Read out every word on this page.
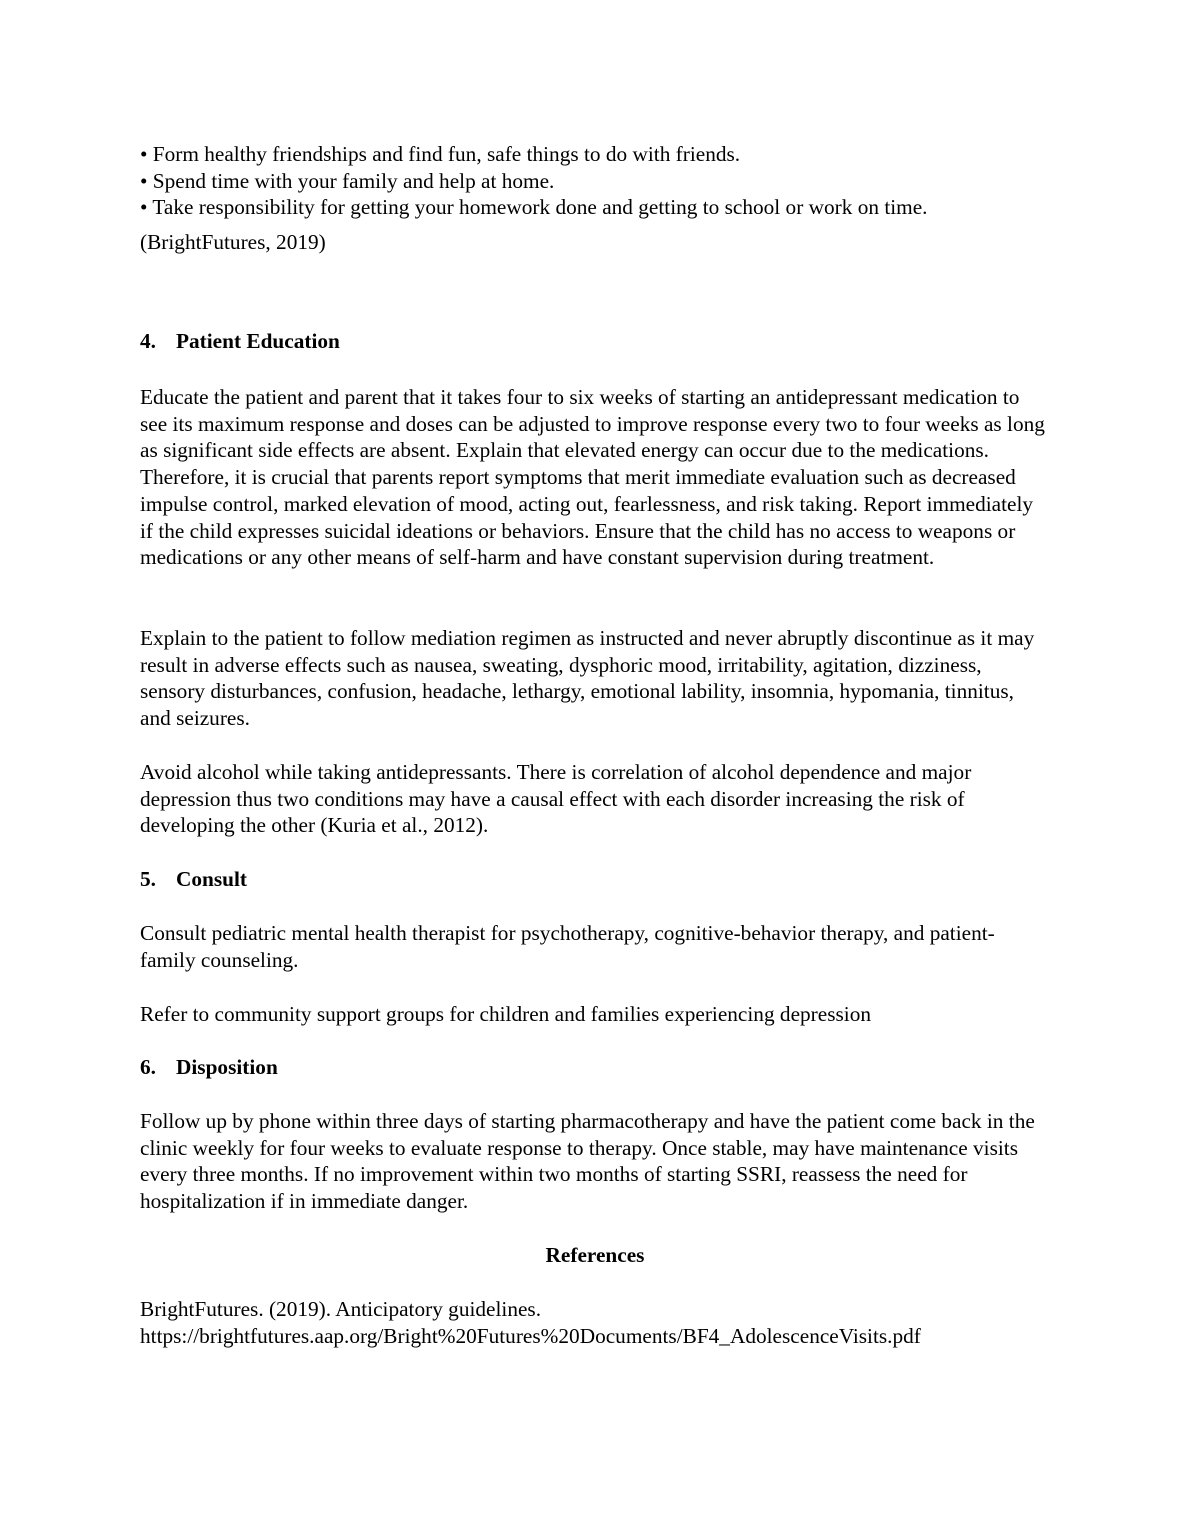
• Form healthy friendships and find fun, safe things to do with friends.

• Spend time with your family and help at home.

• Take responsibility for getting your homework done and getting to school or work on time.

(BrightFutures, 2019)

4. Patient Education

Educate the patient and parent that it takes four to six weeks of starting an antidepressant medication to see its maximum response and doses can be adjusted to improve response every two to four weeks as long as significant side effects are absent. Explain that elevated energy can occur due to the medications. Therefore, it is crucial that parents report symptoms that merit immediate evaluation such as decreased impulse control, marked elevation of mood, acting out, fearlessness, and risk taking. Report immediately if the child expresses suicidal ideations or behaviors. Ensure that the child has no access to weapons or medications or any other means of self-harm and have constant supervision during treatment.

Explain to the patient to follow mediation regimen as instructed and never abruptly discontinue as it may result in adverse effects such as nausea, sweating, dysphoric mood, irritability, agitation, dizziness, sensory disturbances, confusion, headache, lethargy, emotional lability, insomnia, hypomania, tinnitus, and seizures.

Avoid alcohol while taking antidepressants. There is correlation of alcohol dependence and major depression thus two conditions may have a causal effect with each disorder increasing the risk of developing the other (Kuria et al., 2012).

5. Consult

Consult pediatric mental health therapist for psychotherapy, cognitive-behavior therapy, and patient-family counseling.

Refer to community support groups for children and families experiencing depression

6. Disposition

Follow up by phone within three days of starting pharmacotherapy and have the patient come back in the clinic weekly for four weeks to evaluate response to therapy. Once stable, may have maintenance visits every three months. If no improvement within two months of starting SSRI, reassess the need for hospitalization if in immediate danger.

References

BrightFutures. (2019). Anticipatory guidelines.

https://brightfutures.aap.org/Bright%20Futures%20Documents/BF4_AdolescenceVisits.pdf
